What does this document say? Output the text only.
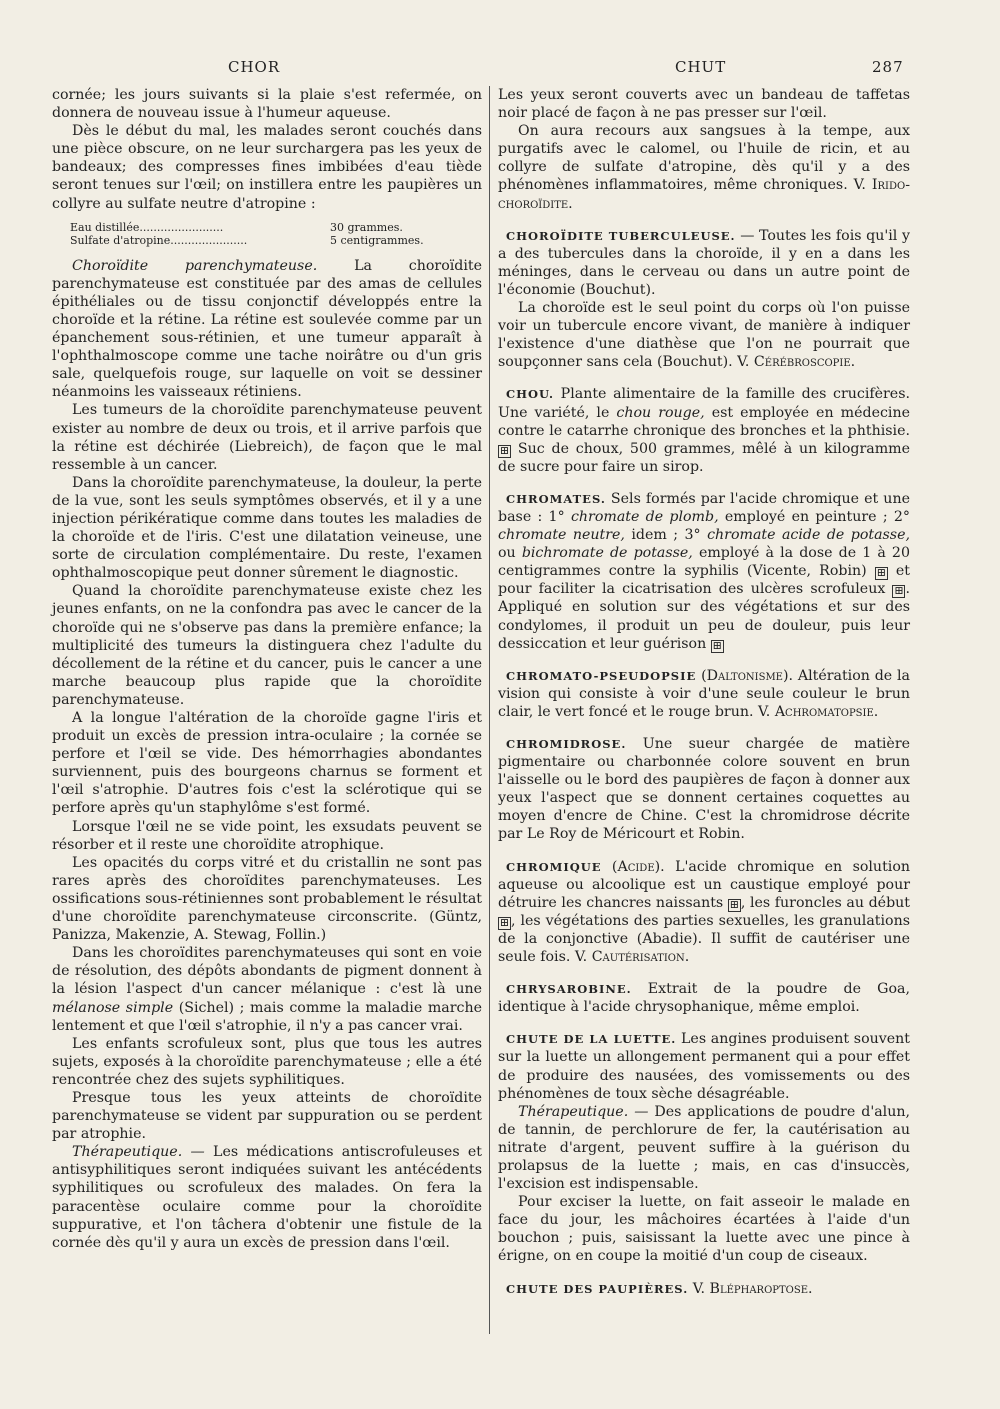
CHOR	CHUT	287

cornée; les jours suivants si la plaie s'est refermée, on donnera de nouveau issue à l'humeur aqueuse.

Dès le début du mal, les malades seront couchés dans une pièce obscure, on ne leur surchargera pas les yeux de bandeaux; des compresses fines imbibées d'eau tiède seront tenues sur l'œil; on instillera entre les paupières un collyre au sulfate neutre d'atropine :

Eau distillée........................	30 grammes.
Sulfate d'atropine......................	5 centigrammes.

Choroïdite parenchymateuse.	La choroïdite parenchymateuse est constituée par des amas de cellules épithéliales ou de tissu conjonctif développés entre la choroïde et la rétine. La rétine est soulevée comme par un épanchement sous-rétinien, et une tumeur apparaît à l'ophthalmoscope comme une tache noirâtre ou d'un gris sale, quelquefois rouge, sur laquelle on voit se dessiner néanmoins les vaisseaux rétiniens.

Les tumeurs de la choroïdite parenchymateuse peuvent exister au nombre de deux ou trois, et il arrive parfois que la rétine est déchirée (Liebreich), de façon que le mal ressemble à un cancer.

Dans la choroïdite parenchymateuse, la douleur, la perte de la vue, sont les seuls symptômes observés, et il y a une injection périkératique comme dans toutes les maladies de la choroïde et de l'iris. C'est une dilatation veineuse, une sorte de circulation complémentaire. Du reste, l'examen ophthalmoscopique peut donner sûrement le diagnostic.

Quand la choroïdite parenchymateuse existe chez les jeunes enfants, on ne la confondra pas avec le cancer de la choroïde qui ne s'observe pas dans la première enfance; la multiplicité des tumeurs la distinguera chez l'adulte du décollement de la rétine et du cancer, puis le cancer a une marche beaucoup plus rapide que la choroïdite parenchymateuse.

A la longue l'altération de la choroïde gagne l'iris et produit un excès de pression intra-oculaire ; la cornée se perfore et l'œil se vide. Des hémorrhagies abondantes surviennent, puis des bourgeons charnus se forment et l'œil s'atrophie. D'autres fois c'est la sclérotique qui se perfore après qu'un staphylôme s'est formé.

Lorsque l'œil ne se vide point, les exsudats peuvent se résorber et il reste une choroïdite atrophique.

Les opacités du corps vitré et du cristallin ne sont pas rares après des choroïdites parenchymateuses. Les ossifications sous-rétiniennes sont probablement le résultat d'une choroïdite parenchymateuse circonscrite. (Güntz, Panizza, Makenzie, A. Stewag, Follin.)

Dans les choroïdites parenchymateuses qui sont en voie de résolution, des dépôts abondants de pigment donnent à la lésion l'aspect d'un cancer mélanique : c'est là une mélanose simple (Sichel) ; mais comme la maladie marche lentement et que l'œil s'atrophie, il n'y a pas cancer vrai.

Les enfants scrofuleux sont, plus que tous les autres sujets, exposés à la choroïdite parenchymateuse ; elle a été rencontrée chez des sujets syphilitiques.

Presque tous les yeux atteints de choroïdite parenchymateuse se vident par suppuration ou se perdent par atrophie.

Thérapeutique. — Les médications antiscrofuleuses et antisyphilitiques seront indiquées suivant les antécédents syphilitiques ou scrofuleux des malades. On fera la paracentèse oculaire comme pour la choroïdite suppurative, et l'on tâchera d'obtenir une fistule de la cornée dès qu'il y aura un excès de pression dans l'œil.

Les yeux seront couverts avec un bandeau de taffetas noir placé de façon à ne pas presser sur l'œil.

On aura recours aux sangsues à la tempe, aux purgatifs avec le calomel, ou l'huile de ricin, et au collyre de sulfate d'atropine, dès qu'il y a des phénomènes inflammatoires, même chroniques. V. Irido-choroïdite.

CHOROÏDITE TUBERCULEUSE. — Toutes les fois qu'il y a des tubercules dans la choroïde, il y en a dans les méninges, dans le cerveau ou dans un autre point de l'économie (Bouchut).

La choroïde est le seul point du corps où l'on puisse voir un tubercule encore vivant, de manière à indiquer l'existence d'une diathèse que l'on ne pourrait que soupçonner sans cela (Bouchut). V. Cérébroscopie.

CHOU. Plante alimentaire de la famille des crucifères. Une variété, le chou rouge, est employée en médecine contre le catarrhe chronique des bronches et la phthisie. ⊞ Suc de choux, 500 grammes, mêlé à un kilogramme de sucre pour faire un sirop.

CHROMATES. Sels formés par l'acide chromique et une base : 1° chromate de plomb, employé en peinture ; 2° chromate neutre, idem ; 3° chromate acide de potasse, ou bichromate de potasse, employé à la dose de 1 à 20 centigrammes contre la syphilis (Vicente, Robin) ⊞ et pour faciliter la cicatrisation des ulcères scrofuleux ⊞ . Appliqué en solution sur des végétations et sur des condylomes, il produit un peu de douleur, puis leur dessiccation et leur guérison ⊞

CHROMATO-PSEUDOPSIE (Daltonisme). Altération de la vision qui consiste à voir d'une seule couleur le brun clair, le vert foncé et le rouge brun. V. Achromatopsie.

CHROMIDROSE. Une sueur chargée de matière pigmentaire ou charbonnée colore souvent en brun l'aisselle ou le bord des paupières de façon à donner aux yeux l'aspect que se donnent certaines coquettes au moyen d'encre de Chine. C'est la chromidrose décrite par Le Roy de Méricourt et Robin.

CHROMIQUE (Acide). L'acide chromique en solution aqueuse ou alcoolique est un caustique employé pour détruire les chancres naissants ⊞ , les furoncles au début ⊞ , les végétations des parties sexuelles, les granulations de la conjonctive (Abadie). Il suffit de cautériser une seule fois. V. Cautérisation.

CHRYSAROBINE. Extrait de la poudre de Goa, identique à l'acide chrysophanique, même emploi.

CHUTE DE LA LUETTE. Les angines produisent souvent sur la luette un allongement permanent qui a pour effet de produire des nausées, des vomissements ou des phénomènes de toux sèche désagréable.

Thérapeutique. — Des applications de poudre d'alun, de tannin, de perchlorure de fer, la cautérisation au nitrate d'argent, peuvent suffire à la guérison du prolapsus de la luette ; mais, en cas d'insuccès, l'excision est indispensable.

Pour exciser la luette, on fait asseoir le malade en face du jour, les mâchoires écartées à l'aide d'un bouchon ; puis, saisissant la luette avec une pince à érigne, on en coupe la moitié d'un coup de ciseaux.

CHUTE DES PAUPIÈRES. V. Blépharoptose.
